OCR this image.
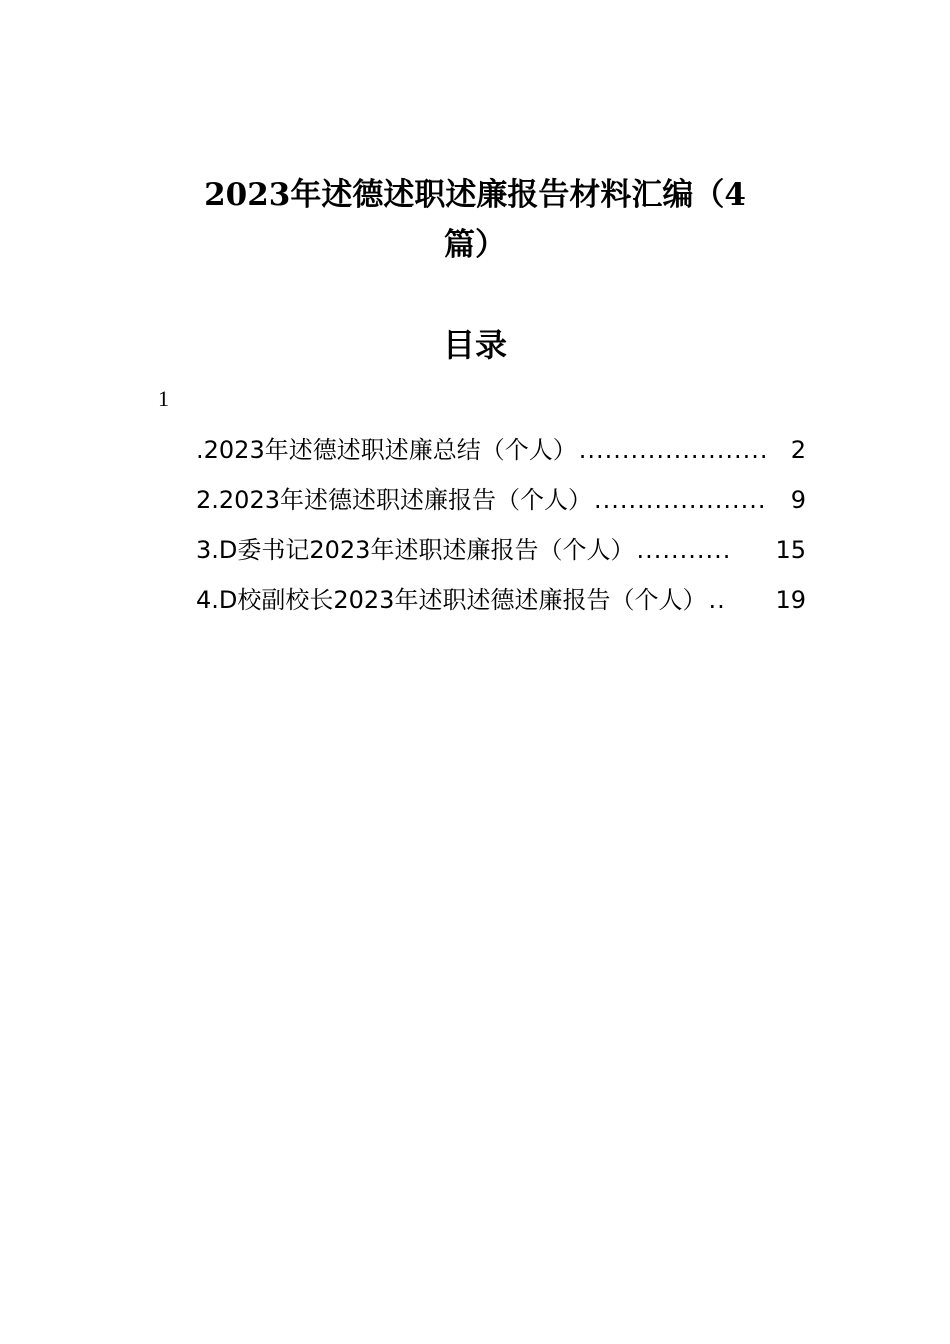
2023年述德述职述廉报告材料汇编（4
篇）
目录
1
.2023年述德述职述廉总结（个人） ...................... 2
2.2023年述德述职述廉报告（个人） ....................	9
3.D委书记2023年述职述廉报告（个人） ...........	15
4.D校副校长2023年述职述德述廉报告（个人） ..	19
